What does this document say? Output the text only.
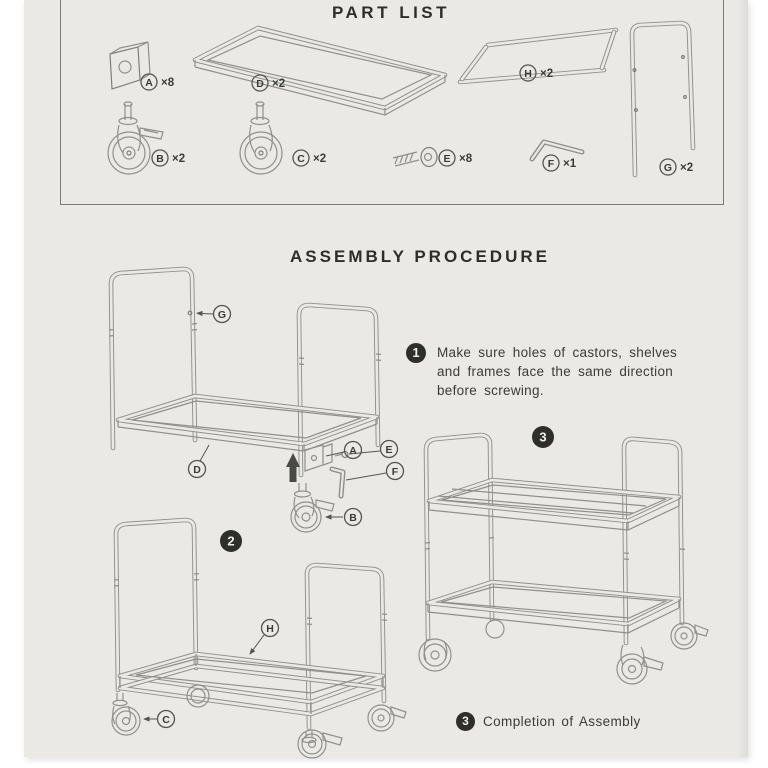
PART LIST
A ×8	D ×2
H ×2
G ×2
B ×2	C ×2	E ×8	F ×1
ASSEMBLY PROCEDURE
G
D
A	E
F
B
1	Make sure holes of castors, shelves
and frames face the same direction
before screwing.
2
H
C
3
3	Completion of Assembly
